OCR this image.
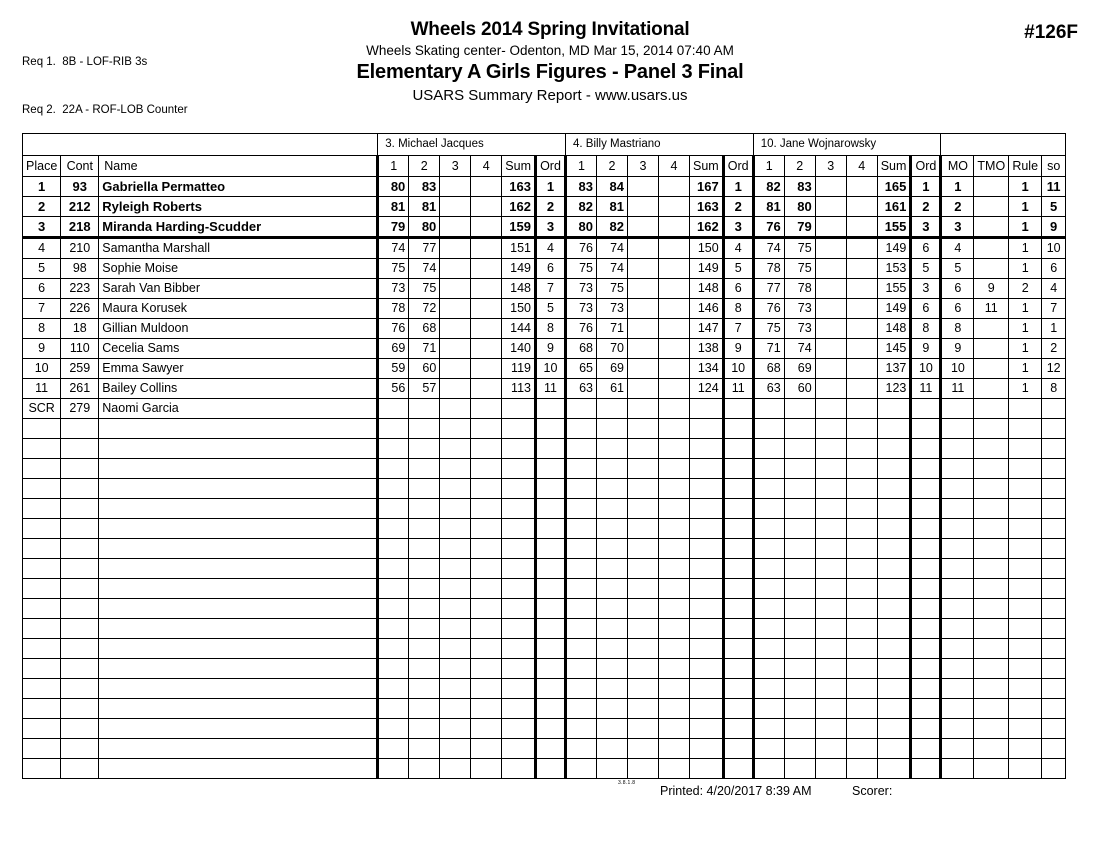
Req 1.  8B - LOF-RIB 3s

Req 2.  22A - ROF-LOB Counter

Wheels 2014 Spring Invitational
Wheels Skating center- Odenton, MD Mar 15, 2014 07:40 AM
Elementary A Girls Figures - Panel 3 Final
USARS Summary Report - www.usars.us
#126F
			3. Michael Jacques						4. Billy Mastriano						10. Jane Wojnarowsky									
Place	Cont	Name	1	2	3	4	Sum	Ord	1	2	3	4	Sum	Ord	1	2	3	4	Sum	Ord	MO	TMO	Rule	so
1	93	Gabriella Permatteo	80	83			163	1	83	84			167	1	82	83			165	1	1		1	11
2	212	Ryleigh Roberts	81	81			162	2	82	81			163	2	81	80			161	2	2		1	5
3	218	Miranda Harding-Scudder	79	80			159	3	80	82			162	3	76	79			155	3	3		1	9
4	210	Samantha Marshall	74	77			151	4	76	74			150	4	74	75			149	6	4		1	10
5	98	Sophie Moise	75	74			149	6	75	74			149	5	78	75			153	5	5		1	6
6	223	Sarah Van Bibber	73	75			148	7	73	75			148	6	77	78			155	3	6	9	2	4
7	226	Maura Korusek	78	72			150	5	73	73			146	8	76	73			149	6	6	11	1	7
8	18	Gillian Muldoon	76	68			144	8	76	71			147	7	75	73			148	8	8		1	1
9	110	Cecelia Sams	69	71			140	9	68	70			138	9	71	74			145	9	9		1	2
10	259	Emma Sawyer	59	60			119	10	65	69			134	10	68	69			137	10	10		1	12
11	261	Bailey Collins	56	57			113	11	63	61			124	11	63	60			123	11	11		1	8
SCR	279	Naomi Garcia																						

3.8.1.8
Printed: 4/20/2017 8:39 AM	Scorer:
